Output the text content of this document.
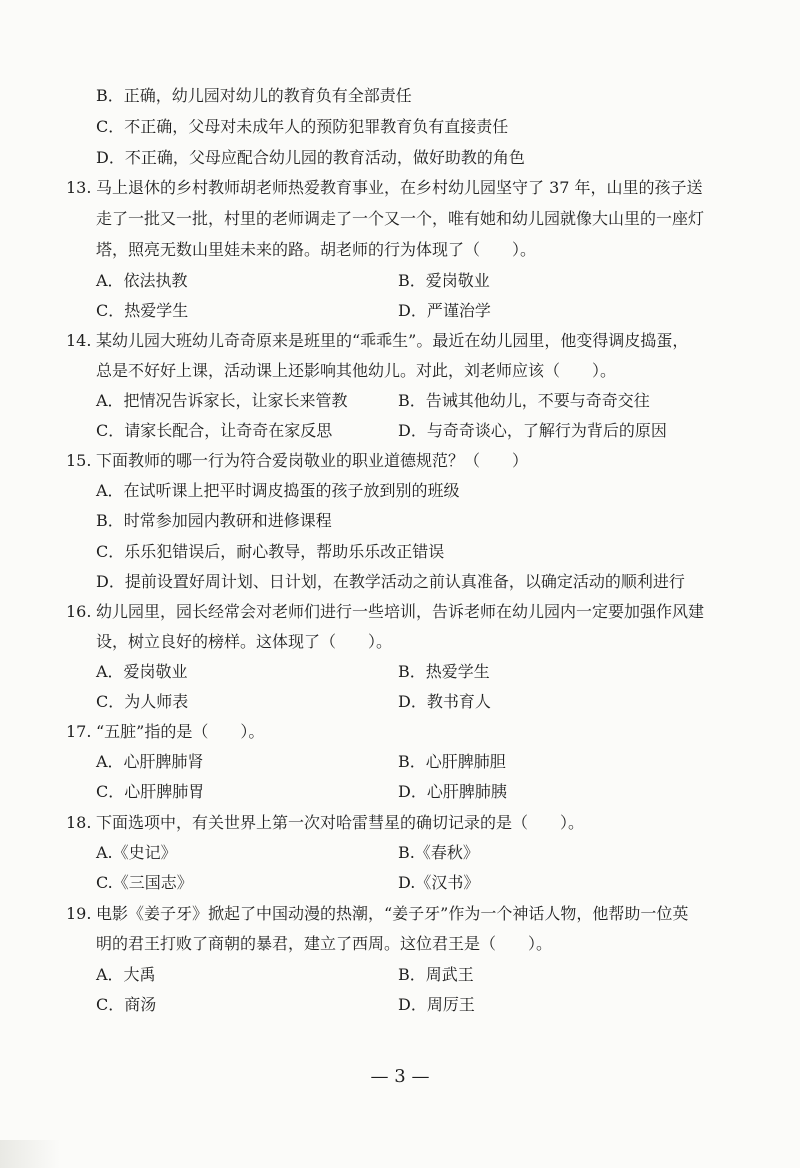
B．正确，幼儿园对幼儿的教育负有全部责任
C．不正确，父母对未成年人的预防犯罪教育负有直接责任
D．不正确，父母应配合幼儿园的教育活动，做好助教的角色
13. 马上退休的乡村教师胡老师热爱教育事业，在乡村幼儿园坚守了 37 年，山里的孩子送
走了一批又一批，村里的老师调走了一个又一个，唯有她和幼儿园就像大山里的一座灯
塔，照亮无数山里娃未来的路。胡老师的行为体现了（　　）。
A．依法执教	B．爱岗敬业
C．热爱学生	D．严谨治学
14. 某幼儿园大班幼儿奇奇原来是班里的“乖乖生”。最近在幼儿园里，他变得调皮捣蛋，
总是不好好上课，活动课上还影响其他幼儿。对此，刘老师应该（　　）。
A．把情况告诉家长，让家长来管教	B．告诫其他幼儿，不要与奇奇交往
C．请家长配合，让奇奇在家反思	D．与奇奇谈心，了解行为背后的原因
15. 下面教师的哪一行为符合爱岗敬业的职业道德规范？（　　）
A．在试听课上把平时调皮捣蛋的孩子放到别的班级
B．时常参加园内教研和进修课程
C．乐乐犯错误后，耐心教导，帮助乐乐改正错误
D．提前设置好周计划、日计划，在教学活动之前认真准备，以确定活动的顺利进行
16. 幼儿园里，园长经常会对老师们进行一些培训，告诉老师在幼儿园内一定要加强作风建
设，树立良好的榜样。这体现了（　　）。
A．爱岗敬业	B．热爱学生
C．为人师表	D．教书育人
17. “五脏”指的是（　　）。
A．心肝脾肺肾	B．心肝脾肺胆
C．心肝脾肺胃	D．心肝脾肺胰
18. 下面选项中，有关世界上第一次对哈雷彗星的确切记录的是（　　）。
A.《史记》	B.《春秋》
C.《三国志》	D.《汉书》
19. 电影《姜子牙》掀起了中国动漫的热潮，“姜子牙”作为一个神话人物，他帮助一位英
明的君王打败了商朝的暴君，建立了西周。这位君王是（　　）。
A．大禹	B．周武王
C．商汤	D．周厉王
— 3 —
